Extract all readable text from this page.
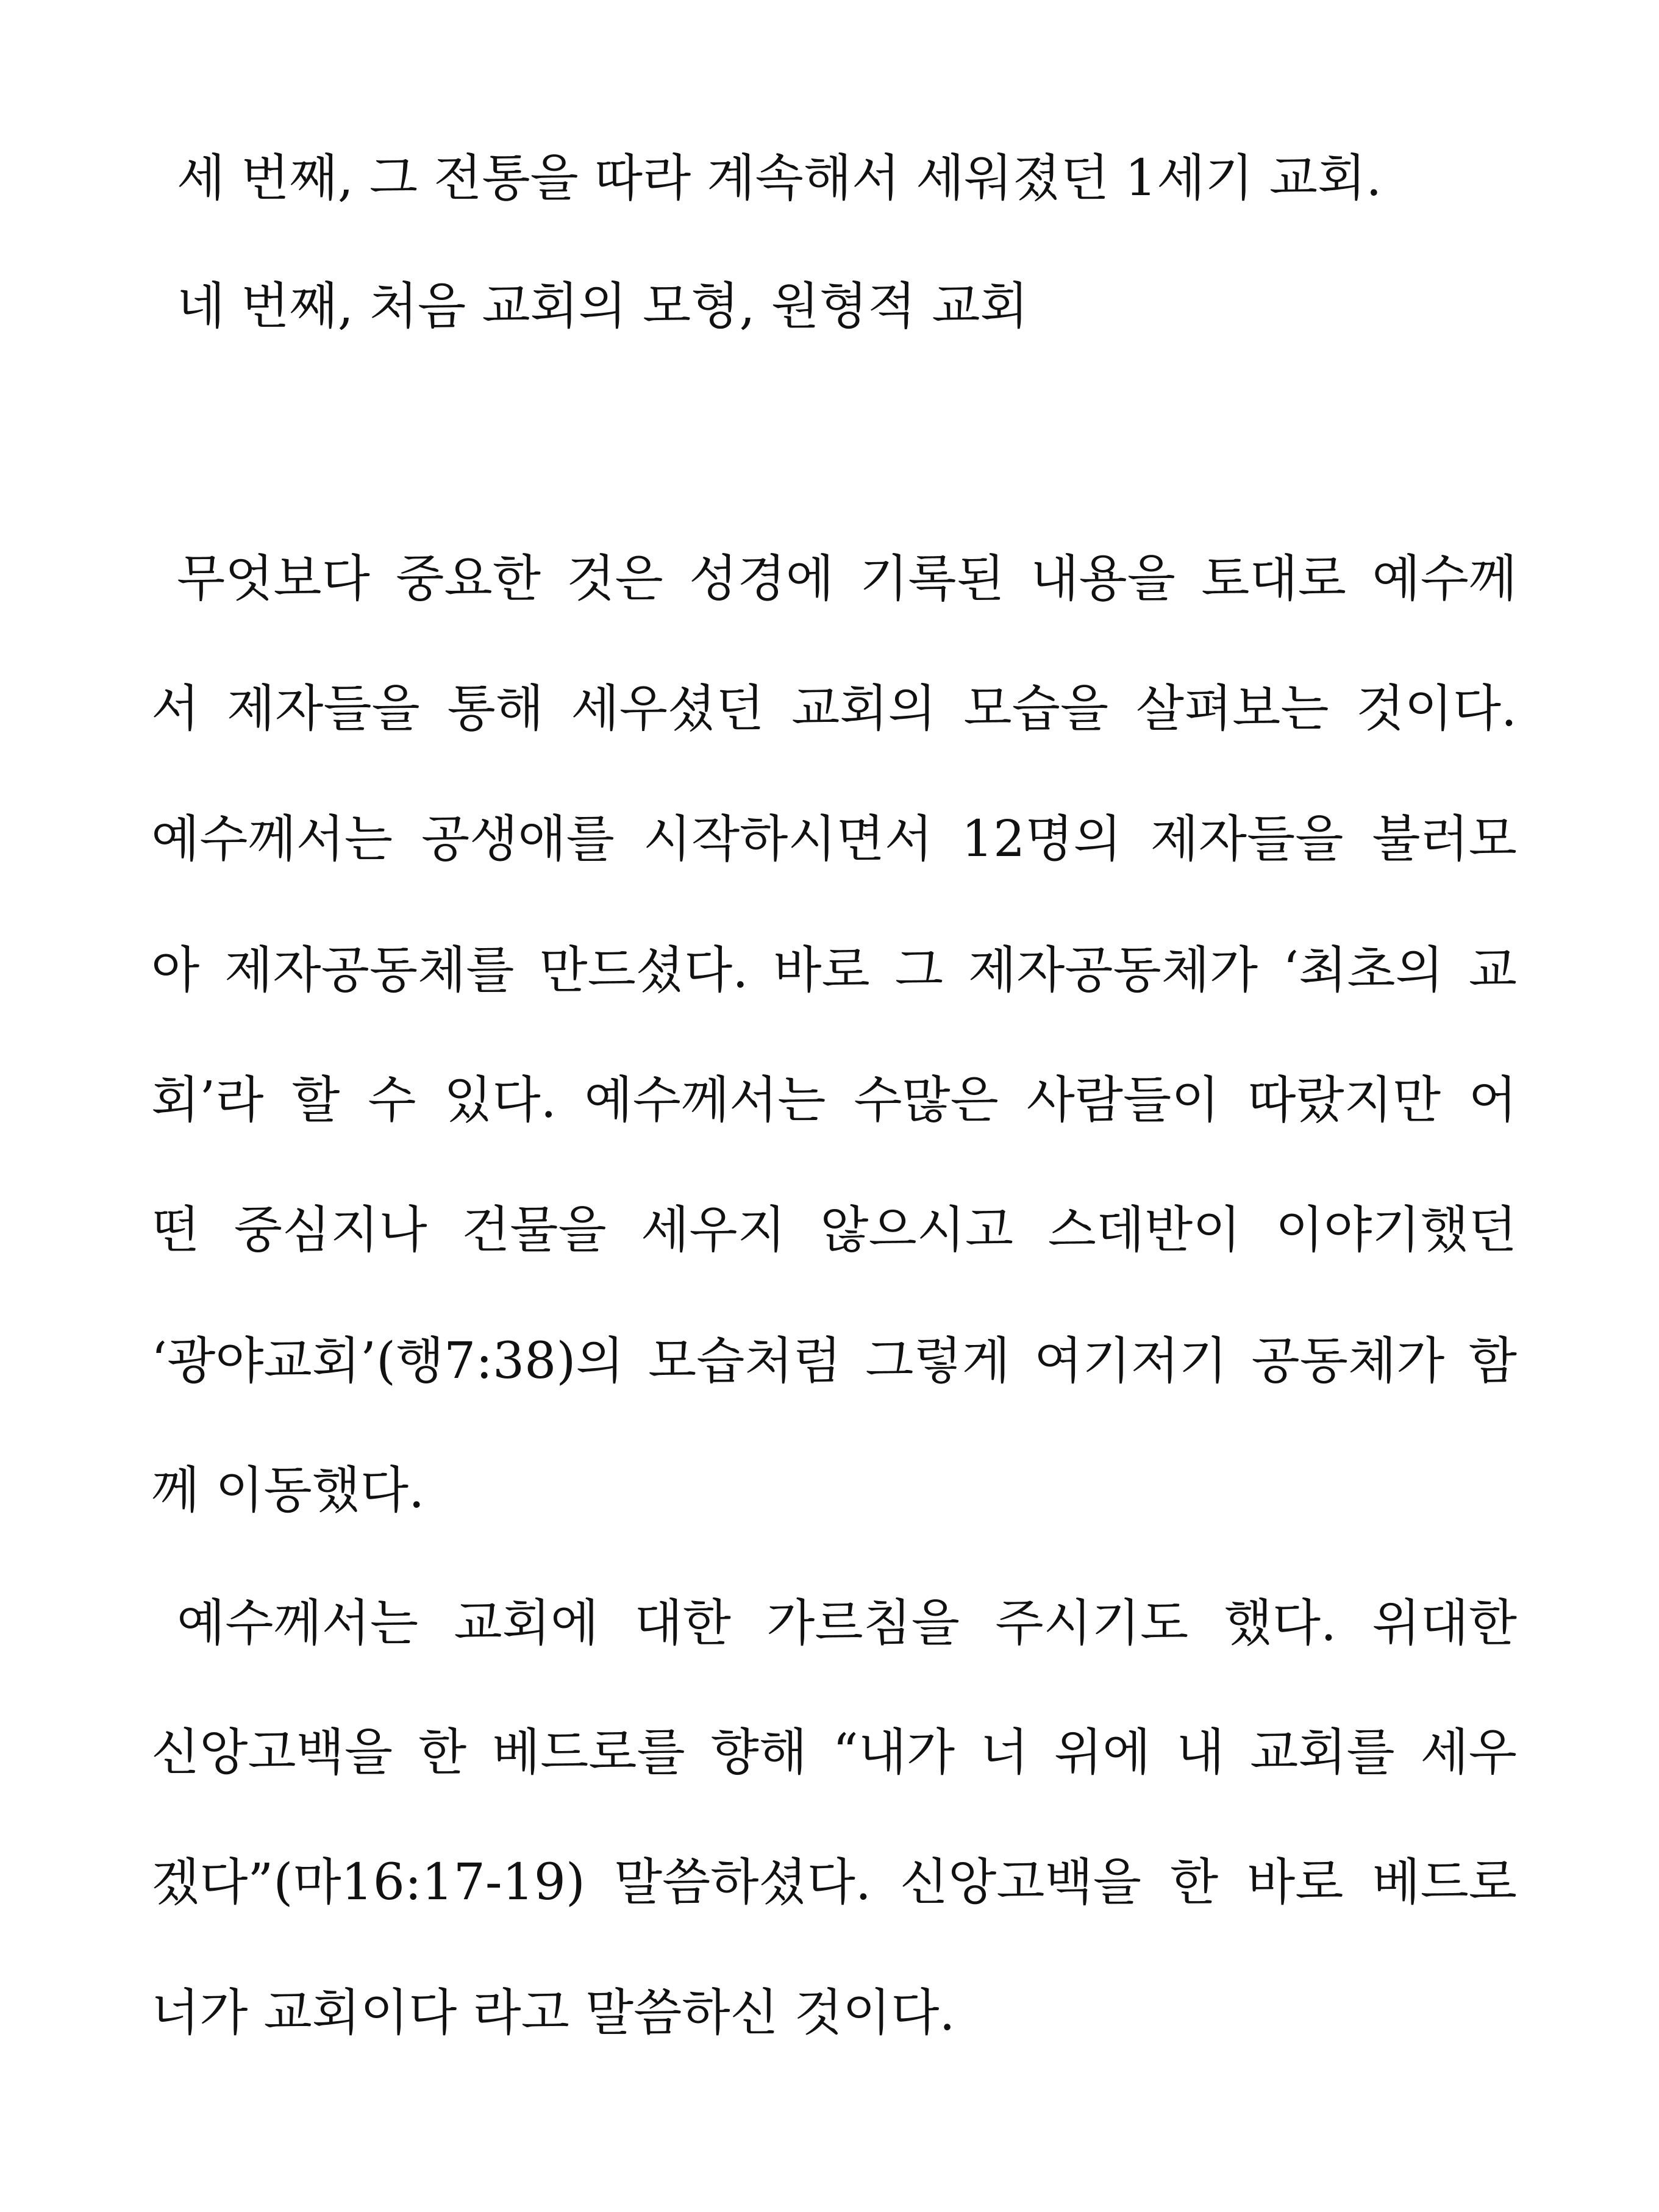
세 번째, 그 전통을 따라 계속해서 세워졌던 1세기 교회.
네 번째, 처음 교회의 모형, 원형적 교회
무엇보다 중요한 것은 성경에 기록된 내용을 토대로 예수께
서 제자들을 통해 세우셨던 교회의 모습을 살펴보는 것이다.
예수께서는 공생애를 시작하시면서 12명의 제자들을 불러모
아 제자공동체를 만드셨다. 바로 그 제자공동체가 ‘최초의 교
회’라 할 수 있다. 예수께서는 수많은 사람들이 따랐지만 어
떤 중심지나 건물을 세우지 않으시고 스데반이 이야기했던
‘광야교회’(행7:38)의 모습처럼 그렇게 여기저기 공동체가 함
께 이동했다.
예수께서는 교회에 대한 가르침을 주시기도 했다. 위대한
신앙고백을 한 베드로를 향해 “내가 너 위에 내 교회를 세우
겠다”(마16:17-19) 말씀하셨다. 신앙고백을 한 바로 베드로
너가 교회이다 라고 말씀하신 것이다.
